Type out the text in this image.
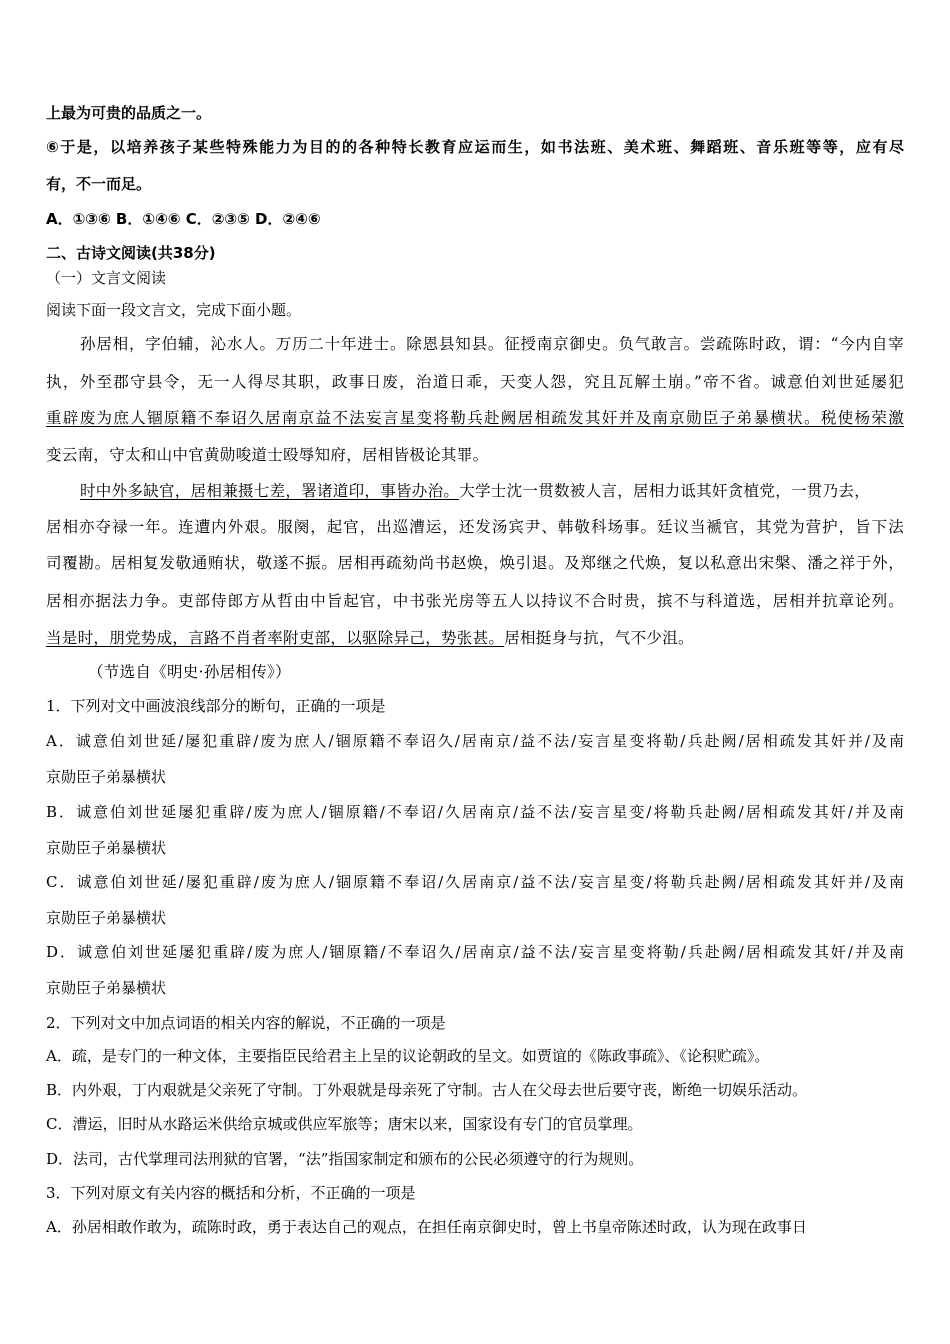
上最为可贵的品质之一。
⑥于是，以培养孩子某些特殊能力为目的的各种特长教育应运而生，如书法班、美术班、舞蹈班、音乐班等等，应有尽
有，不一而足。
A．①③⑥ B．①④⑥ C．②③⑤ D．②④⑥
二、古诗文阅读(共38分)
（一）文言文阅读
阅读下面一段文言文，完成下面小题。
孙居相，字伯辅，沁水人。万历二十年进士。除恩县知县。征授南京御史。负气敢言。尝疏陈时政，谓：“今内自宰
执，外至郡守县令，无一人得尽其职，政事日废，治道日乖，天变人怨，究且瓦解土崩。”帝不省。诚意伯刘世延屡犯
重辟废为庶人锢原籍不奉诏久居南京益不法妄言星变将勒兵赴阙居相疏发其奸并及南京勋臣子弟暴横状。税使杨荣激
变云南，守太和山中官黄勋唆道士殴辱知府，居相皆极论其罪。
时中外多缺官，居相兼摄七差，署诸道印，事皆办治。大学士沈一贯数被人言，居相力诋其奸贪植党，一贯乃去，
居相亦夺禄一年。连遭内外艰。服阕，起官，出巡漕运，还发汤宾尹、韩敬科场事。廷议当褫官，其党为营护，旨下法
司覆勘。居相复发敬通贿状，敬遂不振。居相再疏劾尚书赵焕，焕引退。及郑继之代焕，复以私意出宋槃、潘之祥于外，
居相亦据法力争。吏部侍郎方从哲由中旨起官，中书张光房等五人以持议不合时贵，摈不与科道选，居相并抗章论列。
当是时，朋党势成，言路不肖者率附吏部，以驱除异己，势张甚。居相挺身与抗，气不少沮。
（节选自《明史·孙居相传》）
1．下列对文中画波浪线部分的断句，正确的一项是
A．诚意伯刘世延/屡犯重辟/废为庶人/锢原籍不奉诏久/居南京/益不法/妄言星变将勒/兵赴阙/居相疏发其奸并/及南
京勋臣子弟暴横状
B．诚意伯刘世延屡犯重辟/废为庶人/锢原籍/不奉诏/久居南京/益不法/妄言星变/将勒兵赴阙/居相疏发其奸/并及南
京勋臣子弟暴横状
C．诚意伯刘世延/屡犯重辟/废为庶人/锢原籍不奉诏/久居南京/益不法/妄言星变/将勒兵赴阙/居相疏发其奸并/及南
京勋臣子弟暴横状
D．诚意伯刘世延屡犯重辟/废为庶人/锢原籍/不奉诏久/居南京/益不法/妄言星变将勒/兵赴阙/居相疏发其奸/并及南
京勋臣子弟暴横状
2．下列对文中加点词语的相关内容的解说，不正确的一项是
A．疏，是专门的一种文体，主要指臣民给君主上呈的议论朝政的呈文。如贾谊的《陈政事疏》、《论积贮疏》。
B．内外艰，丁内艰就是父亲死了守制。丁外艰就是母亲死了守制。古人在父母去世后要守丧，断绝一切娱乐活动。
C．漕运，旧时从水路运米供给京城或供应军旅等；唐宋以来，国家设有专门的官员掌理。
D．法司，古代掌理司法刑狱的官署，“法”指国家制定和颁布的公民必须遵守的行为规则。
3．下列对原文有关内容的概括和分析，不正确的一项是
A．孙居相敢作敢为，疏陈时政，勇于表达自己的观点，在担任南京御史时，曾上书皇帝陈述时政，认为现在政事日
